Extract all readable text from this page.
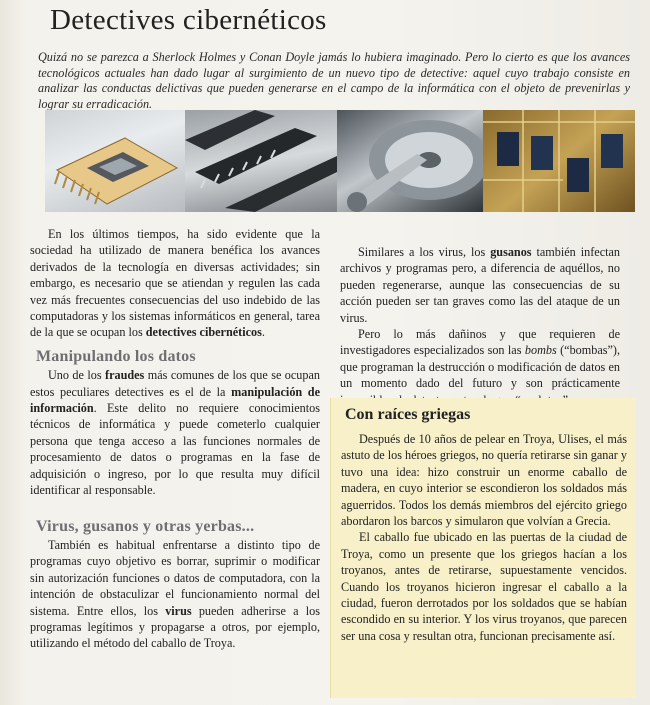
Detectives cibernéticos

Quizá no se parezca a Sherlock Holmes y Conan Doyle jamás lo hubiera imaginado. Pero lo cierto es que los avances tecnológicos actuales han dado lugar al surgimiento de un nuevo tipo de detective: aquel cuyo trabajo consiste en analizar las conductas delictivas que pueden generarse en el campo de la informática con el objeto de prevenirlas y lograr su erradicación.

En los últimos tiempos, ha sido evidente que la sociedad ha utilizado de manera benéfica los avances derivados de la tecnología en diversas actividades; sin embargo, es necesario que se atiendan y regulen las cada vez más frecuentes consecuencias del uso indebido de las computadoras y los sistemas informáticos en general, tarea de la que se ocupan los detectives cibernéticos.

Manipulando los datos

Uno de los fraudes más comunes de los que se ocupan estos peculiares detectives es el de la manipulación de información. Este delito no requiere conocimientos técnicos de informática y puede cometerlo cualquier persona que tenga acceso a las funciones normales de procesamiento de datos o programas en la fase de adquisición o ingreso, por lo que resulta muy difícil identificar al responsable.

Virus, gusanos y otras yerbas...

También es habitual enfrentarse a distinto tipo de programas cuyo objetivo es borrar, suprimir o modificar sin autorización funciones o datos de computadora, con la intención de obstaculizar el funcionamiento normal del sistema. Entre ellos, los virus pueden adherirse a los programas legítimos y propagarse a otros, por ejemplo, utilizando el método del caballo de Troya.

Similares a los virus, los gusanos también infectan archivos y programas pero, a diferencia de aquéllos, no pueden regenerarse, aunque las consecuencias de su acción pueden ser tan graves como las del ataque de un virus.

Pero lo más dañinos y que requieren de investigadores especializados son las bombs (“bombas”), que programan la destrucción o modificación de datos en un momento dado del futuro y son prácticamente

Con raíces griegas

Después de 10 años de pelear en Troya, Ulises, el más astuto de los héroes griegos, no quería retirarse sin ganar y tuvo una idea: hizo construir un enorme caballo de madera, en cuyo interior se escondieron los soldados más aguerridos. Todos los demás miembros del ejército griego abordaron los barcos y simularon que volvían a Grecia.

El caballo fue ubicado en las puertas de la ciudad de Troya, como un presente que los griegos hacían a los troyanos, antes de retirarse, supuestamente vencidos. Cuando los troyanos hicieron ingresar el caballo a la ciudad, fueron derrotados por los soldados que se habían escondido en su interior. Y los virus troyanos, que parecen ser una cosa y resultan otra, funcionan precisamente así.
